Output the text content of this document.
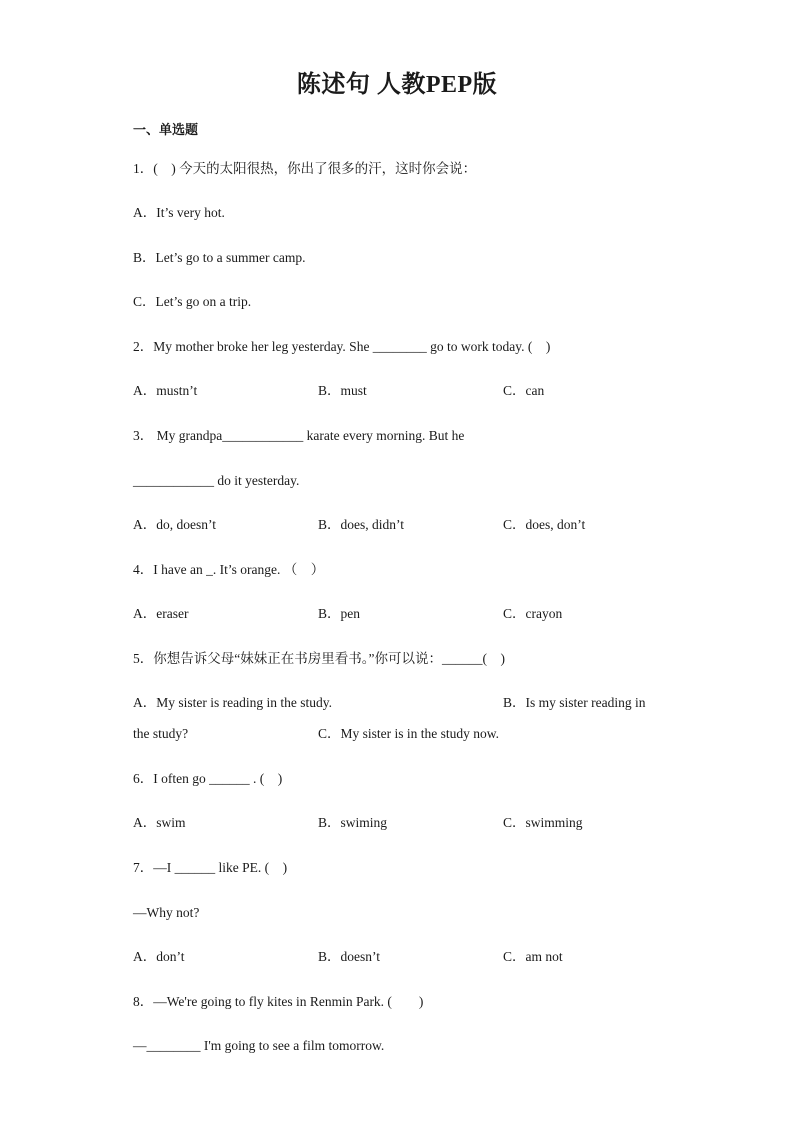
陈述句 人教PEP版
一、单选题
1．(　) 今天的太阳很热，你出了很多的汗，这时你会说：
A．It’s very hot.
B．Let’s go to a summer camp.
C．Let’s go on a trip.
2．My mother broke her leg yesterday. She ________ go to work today. (　)
A．mustn’t	B．must	C．can
3． My grandpa____________ karate every morning. But he
____________ do it yesterday.
A．do, doesn’t	B．does, didn’t	C．does, don’t
4．I have an _. It’s orange. （　）
A．eraser	B．pen	C．crayon
5．你想告诉父母“妹妹正在书房里看书。”你可以说：______(　)
A．My sister is reading in the study.	B．Is my sister reading in
the study?	C．My sister is in the study now.
6．I often go ______ . (　)
A．swim	B．swiming	C．swimming
7．—I ______ like PE. (　)
—Why not?
A．don’t	B．doesn’t	C．am not
8．—We're going to fly kites in Renmin Park. (　　)
—________ I'm going to see a film tomorrow.
